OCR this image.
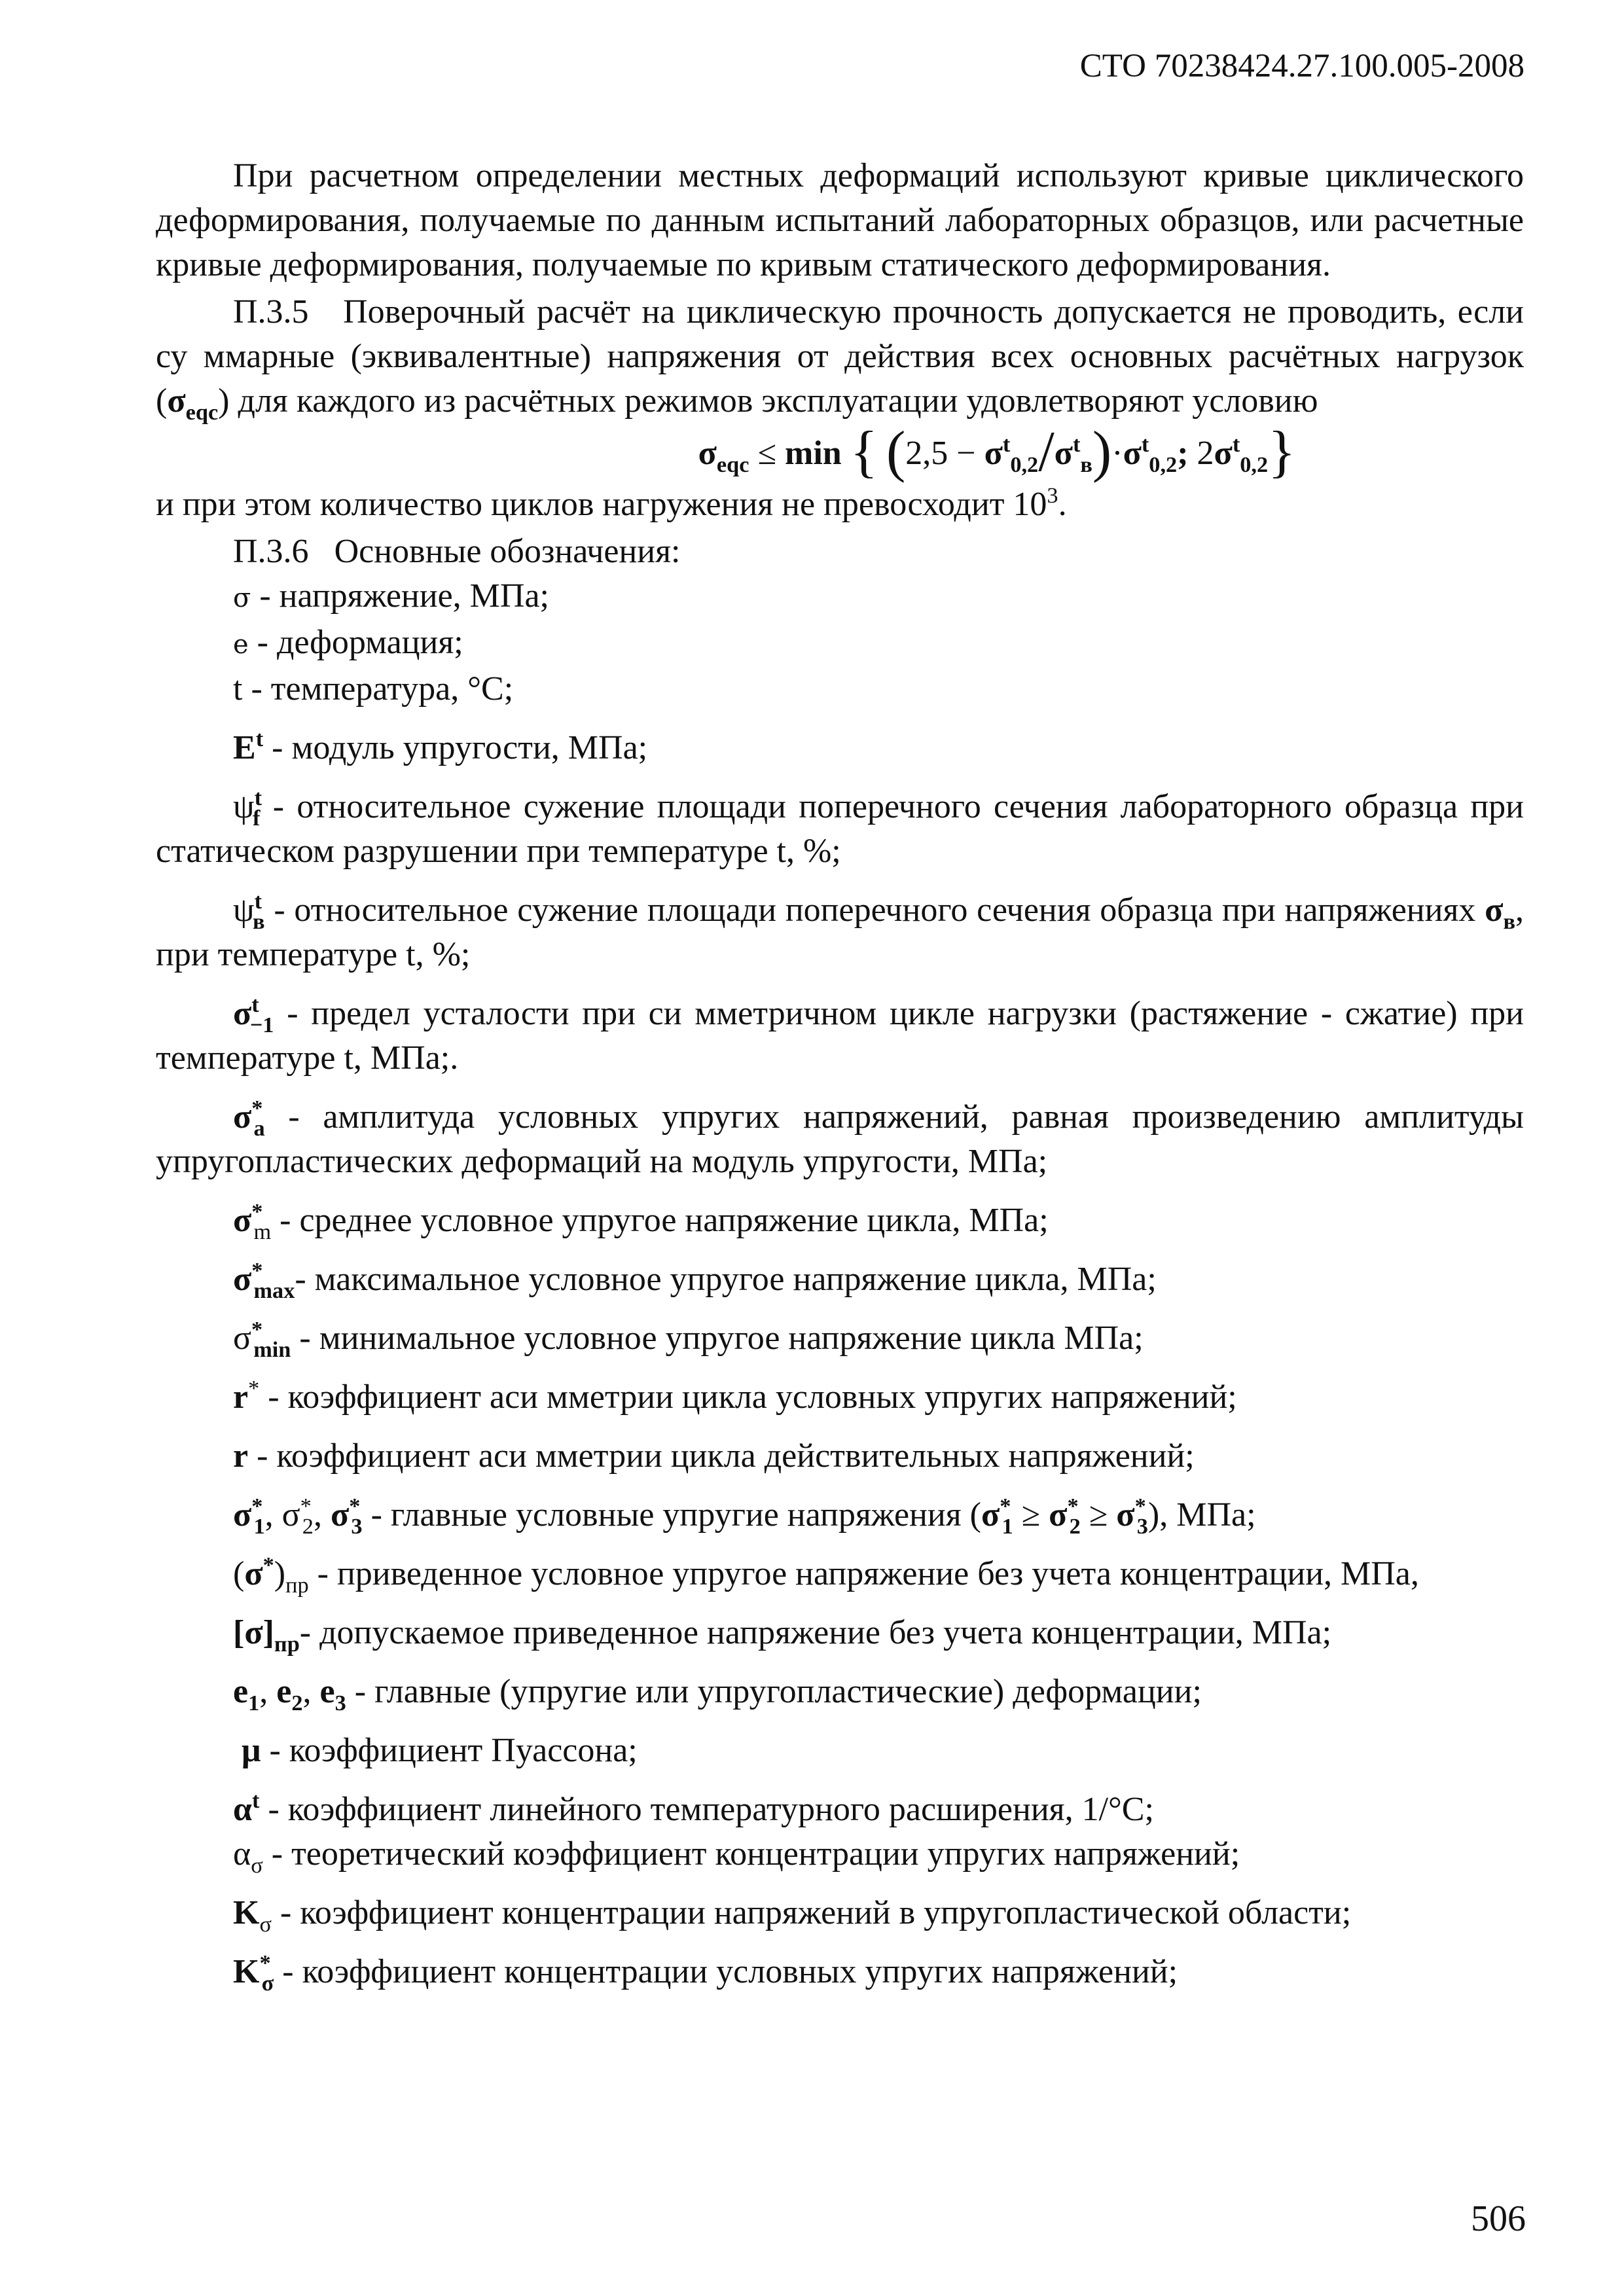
СТО 70238424.27.100.005-2008

При расчетном определении местных деформаций используют кривые циклического деформирования, получаемые по данным испытаний лабораторных образцов, или расчетные кривые деформирования, получаемые по кривым статического деформирования.

П.3.5 Поверочный расчёт на циклическую прочность допускается не проводить, если су ммарные (эквивалентные) напряжения от действия всех основных расчётных нагрузок $(\sigma_{eqc})$ для каждого из расчётных режимов эксплуатации удовлетворяют условию

$\sigma_{eqc} \le \min$ { $(2,5 - \sigma^t_{0,2}/\sigma^t_в)\cdot\sigma^t_{0,2}$; $2\sigma^t_{0,2}$}

и при этом количество циклов нагружения не превосходит $10^3$.

П.3.6 Основные обозначения:

σ - напряжение, МПа;

e - деформация;

t - температура, °С;

$E^t$ - модуль упругости, МПа;

$\psi^t_f$ - относительное сужение площади поперечного сечения лабораторного образца при статическом разрушении при температуре t, %;

$\psi^t_в$ - относительное сужение площади поперечного сечения образца при напряжениях $\sigma_в$, при температуре t, %;

$\sigma^t_{-1}$ - предел усталости при си мметричном цикле нагрузки (растяжение - сжатие) при температуре t, МПа;.

$\sigma^*_a$ - амплитуда условных упругих напряжений, равная произведению амплитуды упругопластических деформаций на модуль упругости, МПа;

$\sigma^*_m$ - среднее условное упругое напряжение цикла, МПа;

$\sigma^*_{max}-$ максимальное условное упругое напряжение цикла, МПа;

$\sigma^*_{min}$ - минимальное условное упругое напряжение цикла МПа;

r* - коэффициент аси мметрии цикла условных упругих напряжений;

r - коэффициент аси мметрии цикла действительных напряжений;

$\sigma^*_1$, $\sigma^*_2$, $\sigma^*_3$ - главные условные упругие напряжения $(\sigma^*_1 \ge \sigma^*_2 \ge \sigma^*_3)$, МПа;

$(\sigma^*)_{пр}$ - приведенное условное упругое напряжение без учета концентрации, МПа,

$[\sigma]_{пр}-$ допускаемое приведенное напряжение без учета концентрации, МПа;

$e_1$, $e_2$, $e_3$ - главные (упругие или упругопластические) деформации;

μ - коэффициент Пуассона;

$\alpha^t$ - коэффициент линейного температурного расширения, 1/°С;

$\alpha_\sigma$ - теоретический коэффициент концентрации упругих напряжений;

$K_\sigma$ - коэффициент концентрации напряжений в упругопластической области;

$K^*_\sigma$ - коэффициент концентрации условных упругих напряжений;

506
